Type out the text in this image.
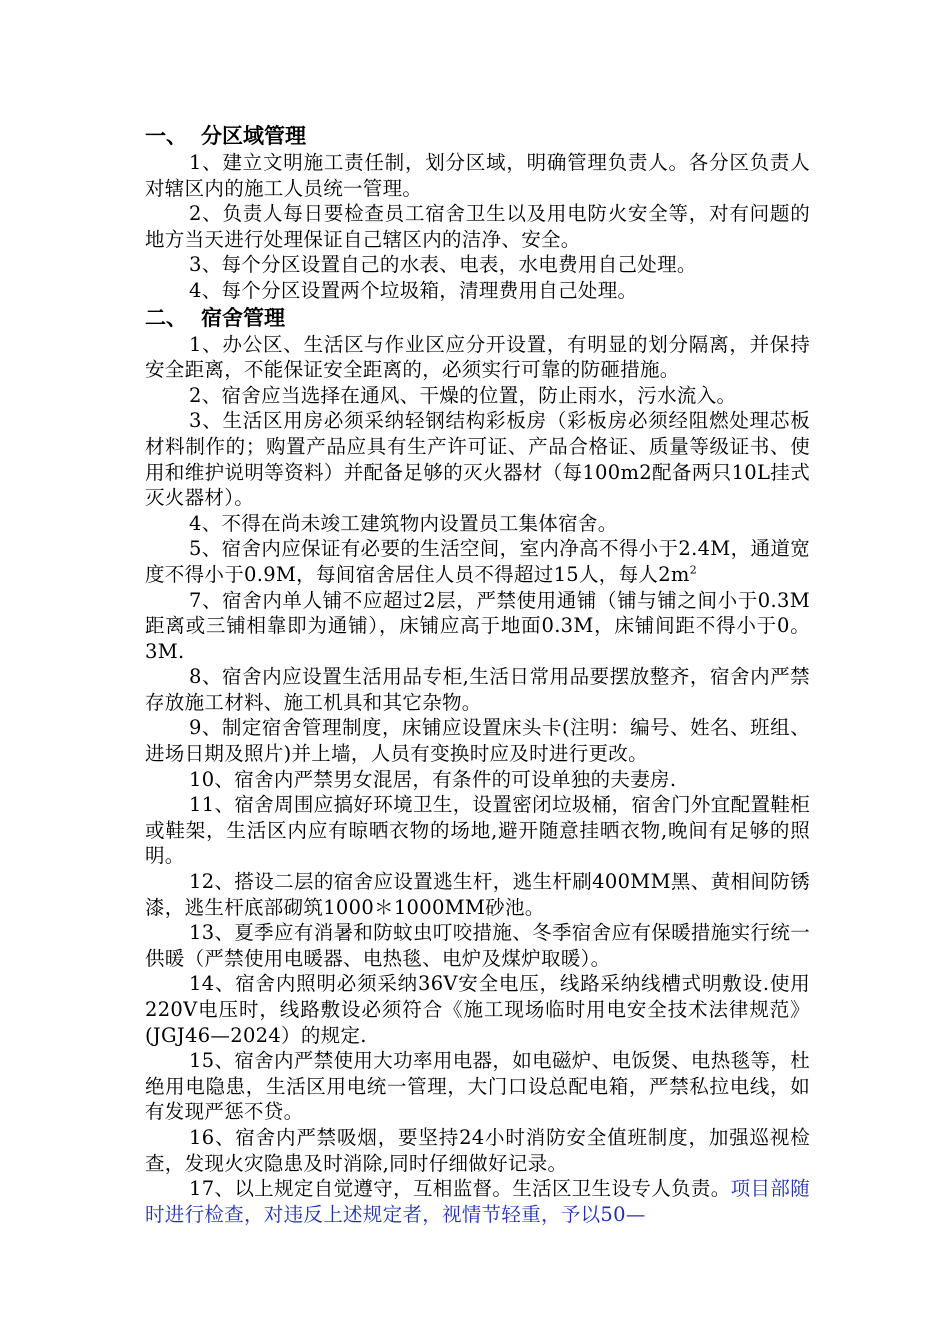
一、 分区域管理

1、建立文明施工责任制，划分区域，明确管理负责人。各分区负责人对辖区内的施工人员统一管理。

2、负责人每日要检查员工宿舍卫生以及用电防火安全等，对有问题的地方当天进行处理保证自己辖区内的洁净、安全。

3、每个分区设置自己的水表、电表，水电费用自己处理。

4、每个分区设置两个垃圾箱，清理费用自己处理。

二、 宿舍管理

1、办公区、生活区与作业区应分开设置，有明显的划分隔离，并保持安全距离，不能保证安全距离的，必须实行可靠的防砸措施。

2、宿舍应当选择在通风、干燥的位置，防止雨水，污水流入。

3、生活区用房必须采纳轻钢结构彩板房（彩板房必须经阻燃处理芯板材料制作的；购置产品应具有生产许可证、产品合格证、质量等级证书、使用和维护说明等资料）并配备足够的灭火器材（每100m2配备两只10L挂式灭火器材）。

4、不得在尚未竣工建筑物内设置员工集体宿舍。

5、宿舍内应保证有必要的生活空间，室内净高不得小于2.4M，通道宽度不得小于0.9M，每间宿舍居住人员不得超过15人，每人$2m^2$

7、宿舍内单人铺不应超过2层，严禁使用通铺（铺与铺之间小于0.3M距离或三铺相靠即为通铺），床铺应高于地面0.3M，床铺间距不得小于0。3M.

8、宿舍内应设置生活用品专柜,生活日常用品要摆放整齐，宿舍内严禁存放施工材料、施工机具和其它杂物。

9、制定宿舍管理制度，床铺应设置床头卡(注明：编号、姓名、班组、进场日期及照片)并上墙，人员有变换时应及时进行更改。

10、宿舍内严禁男女混居，有条件的可设单独的夫妻房.

11、宿舍周围应搞好环境卫生，设置密闭垃圾桶，宿舍门外宜配置鞋柜或鞋架，生活区内应有晾晒衣物的场地,避开随意挂晒衣物,晚间有足够的照明。

12、搭设二层的宿舍应设置逃生杆，逃生杆刷400MM黑、黄相间防锈漆，逃生杆底部砌筑1000＊1000MM砂池。

13、夏季应有消暑和防蚊虫叮咬措施、冬季宿舍应有保暖措施实行统一供暖（严禁使用电暖器、电热毯、电炉及煤炉取暖）。

14、宿舍内照明必须采纳36V安全电压，线路采纳线槽式明敷设.使用220V电压时，线路敷设必须符合《施工现场临时用电安全技术法律规范》(JGJ46—2024）的规定.

15、宿舍内严禁使用大功率用电器，如电磁炉、电饭煲、电热毯等，杜绝用电隐患，生活区用电统一管理，大门口设总配电箱，严禁私拉电线，如有发现严惩不贷。

16、宿舍内严禁吸烟，要坚持24小时消防安全值班制度，加强巡视检查，发现火灾隐患及时消除,同时仔细做好记录。

17、以上规定自觉遵守，互相监督。生活区卫生设专人负责。项目部随时进行检查，对违反上述规定者，视情节轻重，予以50—
